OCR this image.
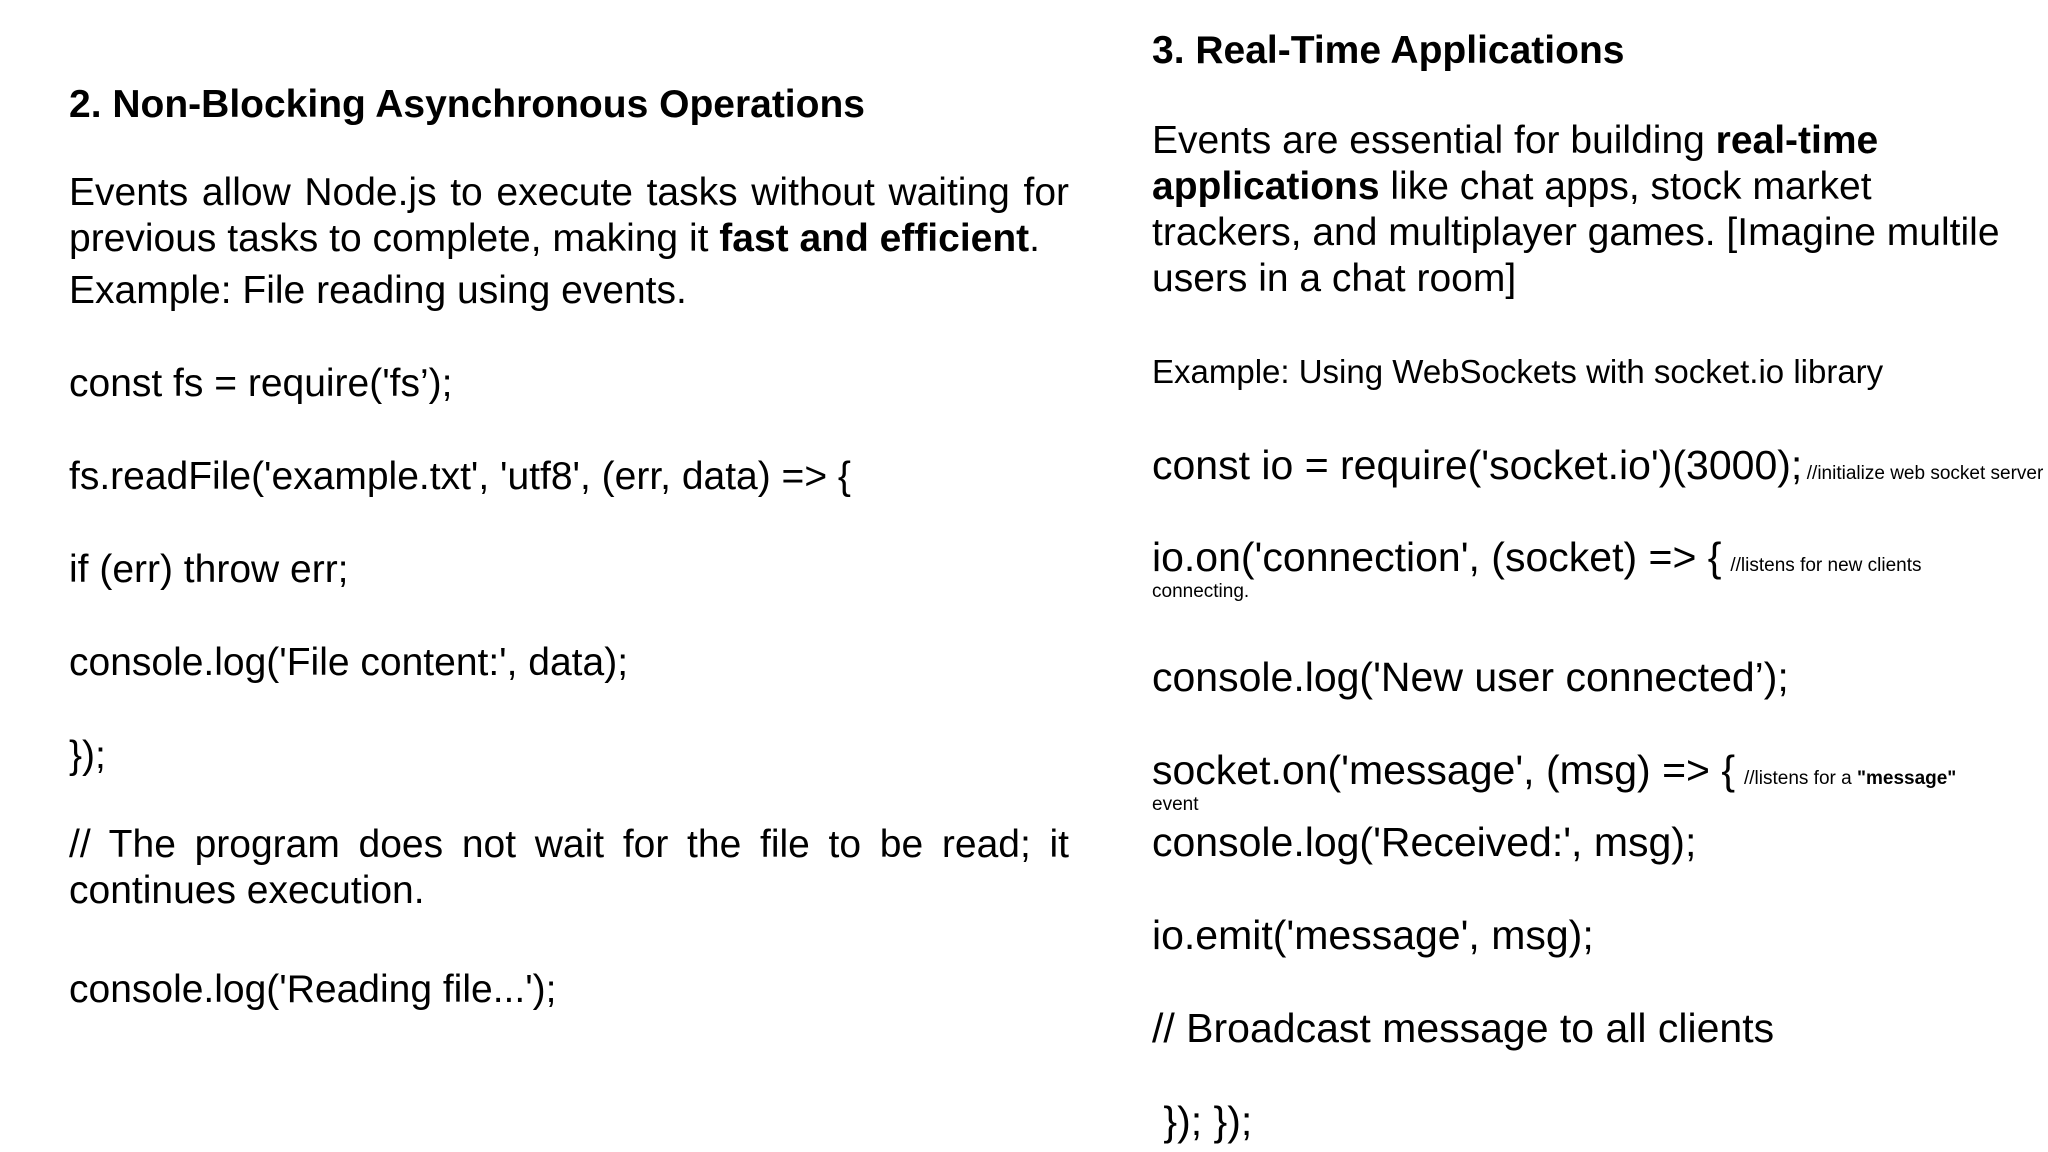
2. Non-Blocking Asynchronous Operations

Events allow Node.js to execute tasks without waiting for previous tasks to complete, making it fast and efficient.

Example: File reading using events.
const fs = require('fs’);
fs.readFile('example.txt', 'utf8', (err, data) => {
if (err) throw err;
console.log('File content:', data);
});

// The program does not wait for the file to be read; it continues execution.

console.log('Reading file...');
3. Real-Time Applications

Events are essential for building real-time applications like chat apps, stock market trackers, and multiplayer games. [Imagine multile users in a chat room]

Example: Using WebSockets with socket.io library
const io = require('socket.io')(3000); //initialize web socket server
io.on('connection', (socket) => { //listens for new clients
connecting.
console.log('New user connected’);
socket.on('message', (msg) => { //listens for a "message"
event
console.log('Received:', msg);
io.emit('message', msg);
// Broadcast message to all clients
}); });
